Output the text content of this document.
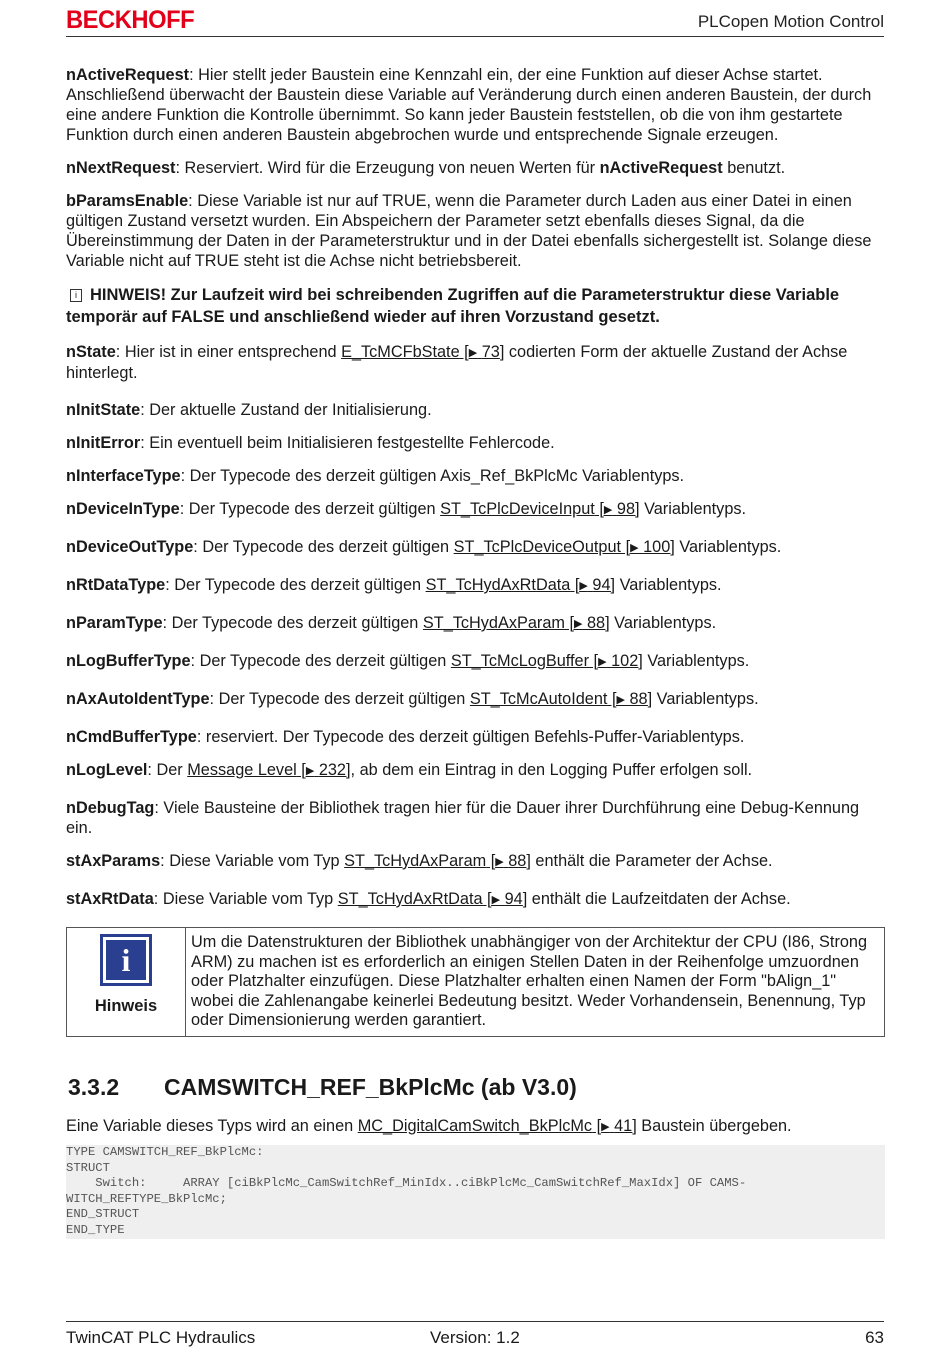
BECKHOFF	PLCopen Motion Control

nActiveRequest: Hier stellt jeder Baustein eine Kennzahl ein, der eine Funktion auf dieser Achse startet. Anschließend überwacht der Baustein diese Variable auf Veränderung durch einen anderen Baustein, der durch eine andere Funktion die Kontrolle übernimmt. So kann jeder Baustein feststellen, ob die von ihm gestartete Funktion durch einen anderen Baustein abgebrochen wurde und entsprechende Signale erzeugen.

nNextRequest: Reserviert. Wird für die Erzeugung von neuen Werten für nActiveRequest benutzt.

bParamsEnable: Diese Variable ist nur auf TRUE, wenn die Parameter durch Laden aus einer Datei in einen gültigen Zustand versetzt wurden. Ein Abspeichern der Parameter setzt ebenfalls dieses Signal, da die Übereinstimmung der Daten in der Parameterstruktur und in der Datei ebenfalls sichergestellt ist. Solange diese Variable nicht auf TRUE steht ist die Achse nicht betriebsbereit.

i HINWEIS! Zur Laufzeit wird bei schreibenden Zugriffen auf die Parameterstruktur diese Variable temporär auf FALSE und anschließend wieder auf ihren Vorzustand gesetzt.

nState: Hier ist in einer entsprechend E_TcMCFbState [▶ 73] codierten Form der aktuelle Zustand der Achse hinterlegt.

nInitState: Der aktuelle Zustand der Initialisierung.

nInitError: Ein eventuell beim Initialisieren festgestellte Fehlercode.

nInterfaceType: Der Typecode des derzeit gültigen Axis_Ref_BkPlcMc Variablentyps.

nDeviceInType: Der Typecode des derzeit gültigen ST_TcPlcDeviceInput [▶ 98] Variablentyps.

nDeviceOutType: Der Typecode des derzeit gültigen ST_TcPlcDeviceOutput [▶ 100] Variablentyps.

nRtDataType: Der Typecode des derzeit gültigen ST_TcHydAxRtData [▶ 94] Variablentyps.

nParamType: Der Typecode des derzeit gültigen ST_TcHydAxParam [▶ 88] Variablentyps.

nLogBufferType: Der Typecode des derzeit gültigen ST_TcMcLogBuffer [▶ 102] Variablentyps.

nAxAutoIdentType: Der Typecode des derzeit gültigen ST_TcMcAutoIdent [▶ 88] Variablentyps.

nCmdBufferType: reserviert. Der Typecode des derzeit gültigen Befehls-Puffer-Variablentyps.

nLogLevel: Der Message Level [▶ 232], ab dem ein Eintrag in den Logging Puffer erfolgen soll.

nDebugTag: Viele Bausteine der Bibliothek tragen hier für die Dauer ihrer Durchführung eine Debug-Kennung ein.

stAxParams: Diese Variable vom Typ ST_TcHydAxParam [▶ 88] enthält die Parameter der Achse.

stAxRtData: Diese Variable vom Typ ST_TcHydAxRtData [▶ 94] enthält die Laufzeitdaten der Achse.

i
Hinweis
Um die Datenstrukturen der Bibliothek unabhängiger von der Architektur der CPU (I86, Strong ARM) zu machen ist es erforderlich an einigen Stellen Daten in der Reihenfolge umzuordnen oder Platzhalter einzufügen. Diese Platzhalter erhalten einen Namen der Form "bAlign_1" wobei die Zahlenangabe keinerlei Bedeutung besitzt. Weder Vorhandensein, Benennung, Typ oder Dimensionierung werden garantiert.
3.3.2	CAMSWITCH_REF_BkPlcMc (ab V3.0)

Eine Variable dieses Typs wird an einen MC_DigitalCamSwitch_BkPlcMc [▶ 41] Baustein übergeben.

TYPE CAMSWITCH_REF_BkPlcMc:
STRUCT
Switch:     ARRAY [ciBkPlcMc_CamSwitchRef_MinIdx..ciBkPlcMc_CamSwitchRef_MaxIdx] OF CAMS-
WITCH_REFTYPE_BkPlcMc;
END_STRUCT
END_TYPE
TwinCAT PLC Hydraulics	Version: 1.2	63
